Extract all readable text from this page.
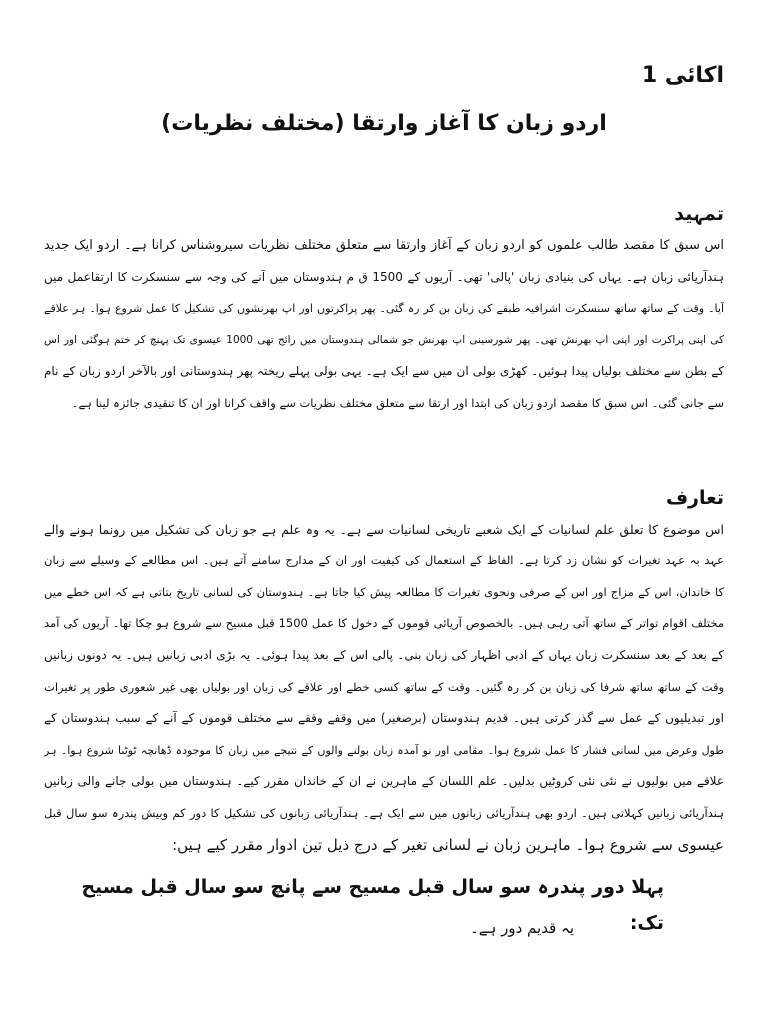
اکائی 1
اردو زبان کا آغاز وارتقا (مختلف نظریات)
تمہید
اس سبق کا مقصد طالب علموں کو اردو زبان کے آغاز وارتقا سے متعلق مختلف نظریات سیروشناس کرانا ہے۔ اردو ایک جدید
ہندآریائی زبان ہے۔ یہاں کی بنیادی زبان 'پالی' تھی۔ آریوں کے 1500 ق م ہندوستان میں آنے کی وجہ سے سنسکرت کا ارتقاعمل میں
آیا۔ وقت کے ساتھ ساتھ سنسکرت اشرافیہ طبقے کی زبان بن کر رہ گئی۔ پھر پراکرتوں اور اپ بھرنشوں کی تشکیل کا عمل شروع ہوا۔ ہر علاقے
کی اپنی پراکرت اور اپنی اپ بھرنش تھی۔ پھر شورسینی اپ بھرنش جو شمالی ہندوستان میں رائج تھی 1000 عیسوی تک پہنچ کر ختم ہوگئی اور اس
کے بطن سے مختلف بولیاں پیدا ہوئیں۔ کھڑی بولی ان میں سے ایک ہے۔ یہی بولی پہلے ریختہ پھر ہندوستانی اور بالآخر اردو زبان کے نام
سے جانی گئی۔ اس سبق کا مقصد اردو زبان کی ابتدا اور ارتقا سے متعلق مختلف نظریات سے واقف کرانا اور ان کا تنقیدی جائزہ لینا ہے۔
تعارف
اس موضوع کا تعلق علم لسانیات کے ایک شعبے تاریخی لسانیات سے ہے۔ یہ وہ علم ہے جو زبان کی تشکیل میں رونما ہونے والے
عہد بہ عہد تغیرات کو نشان زد کرتا ہے۔ الفاظ کے استعمال کی کیفیت اور ان کے مدارج سامنے آتے ہیں۔ اس مطالعے کے وسیلے سے زبان
کا خاندان، اس کے مزاج اور اس کے صرفی ونحوی تغیرات کا مطالعہ پیش کیا جاتا ہے۔ ہندوستان کی لسانی تاریخ بتاتی ہے کہ اس خطے میں
مختلف اقوام تواتر کے ساتھ آتی رہی ہیں۔ بالخصوص آریائی قوموں کے دخول کا عمل 1500 قبل مسیح سے شروع ہو چکا تھا۔ آریوں کی آمد
کے بعد کے بعد سنسکرت زبان یہاں کے ادبی اظہار کی زبان بنی۔ پالی اس کے بعد پیدا ہوئی۔ یہ بڑی ادبی زبانیں ہیں۔ یہ دونوں زبانیں
وقت کے ساتھ ساتھ شرفا کی زبان بن کر رہ گئیں۔ وقت کے ساتھ کسی خطے اور علاقے کی زبان اور بولیاں بھی غیر شعوری طور پر تغیرات
اور تبدیلیوں کے عمل سے گذر کرتی ہیں۔ قدیم ہندوستان (برصغیر) میں وقفے وقفے سے مختلف قوموں کے آنے کے سبب ہندوستان کے
طول وعرض میں لسانی فشار کا عمل شروع ہوا۔ مقامی اور نو آمدہ زبان بولنے والوں کے نتیجے میں زبان کا موجودہ ڈھانچہ ٹوٹنا شروع ہوا۔ ہر
علاقے میں بولیوں نے نئی نئی کروٹیں بدلیں۔ علم اللسان کے ماہرین نے ان کے خاندان مقرر کیے۔ ہندوستان میں بولی جانے والی زبانیں
ہندآریائی زبانیں کہلاتی ہیں۔ اردو بھی ہندآریائی زبانوں میں سے ایک ہے۔ ہندآریائی زبانوں کی تشکیل کا دور کم وبیش پندرہ سو سال قبل
عیسوی سے شروع ہوا۔ ماہرین زبان نے لسانی تغیر کے درج ذیل تین ادوار مقرر کیے ہیں:
پہلا دور پندرہ سو سال قبل مسیح سے پانچ سو سال قبل مسیح تک:

یہ قدیم دور ہے۔
